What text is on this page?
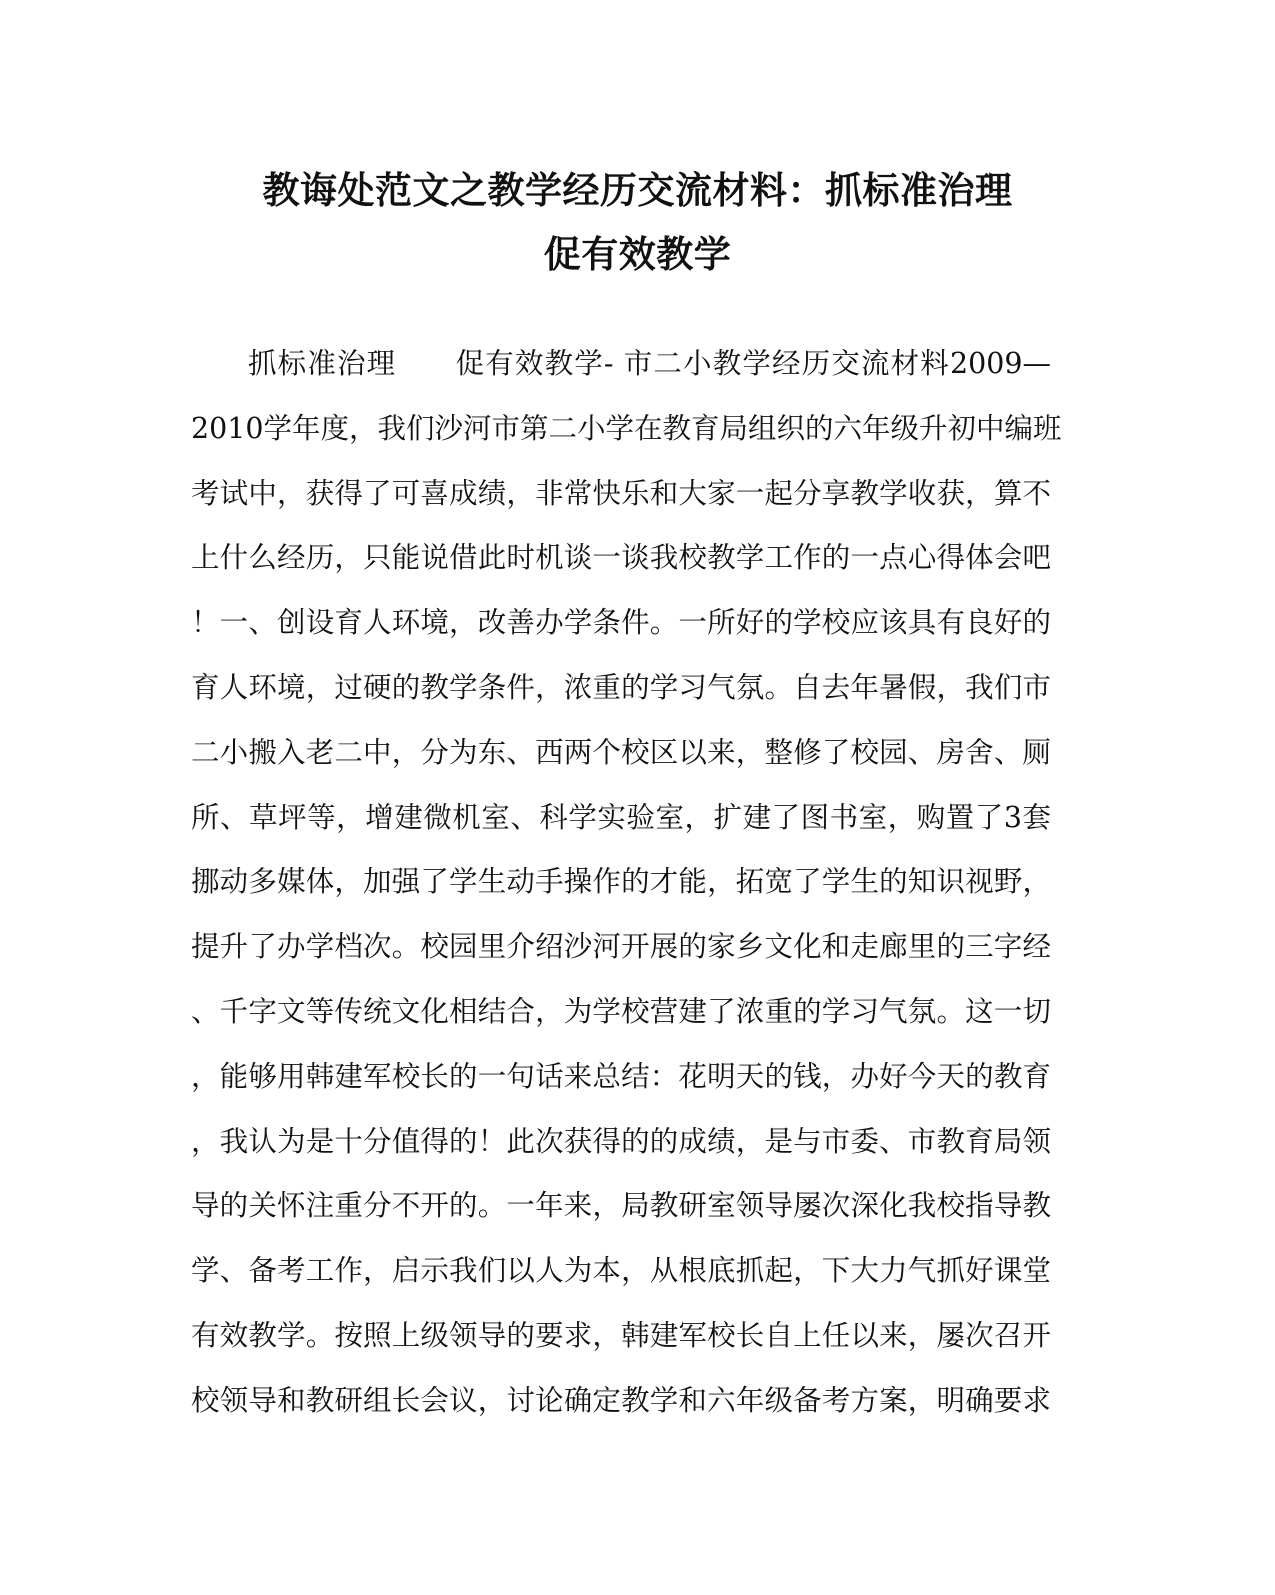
教诲处范文之教学经历交流材料：抓标准治理
促有效教学
抓标准治理　　促有效教学- 市二小教学经历交流材料2009—
2010学年度，我们沙河市第二小学在教育局组织的六年级升初中编班
考试中，获得了可喜成绩，非常快乐和大家一起分享教学收获，算不
上什么经历，只能说借此时机谈一谈我校教学工作的一点心得体会吧
！一、创设育人环境，改善办学条件。一所好的学校应该具有良好的
育人环境，过硬的教学条件，浓重的学习气氛。自去年暑假，我们市
二小搬入老二中，分为东、西两个校区以来，整修了校园、房舍、厕
所、草坪等，增建微机室、科学实验室，扩建了图书室，购置了3套
挪动多媒体，加强了学生动手操作的才能，拓宽了学生的知识视野，
提升了办学档次。校园里介绍沙河开展的家乡文化和走廊里的三字经
、千字文等传统文化相结合，为学校营建了浓重的学习气氛。这一切
，能够用韩建军校长的一句话来总结：花明天的钱，办好今天的教育
，我认为是十分值得的！此次获得的的成绩，是与市委、市教育局领
导的关怀注重分不开的。一年来，局教研室领导屡次深化我校指导教
学、备考工作，启示我们以人为本，从根底抓起，下大力气抓好课堂
有效教学。按照上级领导的要求，韩建军校长自上任以来，屡次召开
校领导和教研组长会议，讨论确定教学和六年级备考方案，明确要求
